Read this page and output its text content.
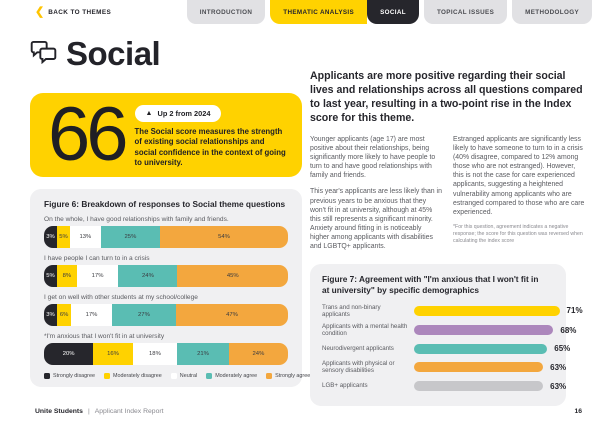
❮ BACK TO THEMES	INTRODUCTION	THEMATIC ANALYSIS	SOCIAL	TOPICAL ISSUES	METHODOLOGY
Social
66	▲ Up 2 from 2024
The Social score measures the strength of existing social relationships and social confidence in the context of going to university.
Figure 6: Breakdown of responses to Social theme questions
On the whole, I have good relationships with family and friends.
3% 5% 13%	25%	54%
I have people I can turn to in a crisis
5% 8%	17%	24%	45%
I get on well with other students at my school/college
3% 6%	17%	27%	47%
*I'm anxious that I won't fit in at university
20%	16%	18%	21%	24%
Strongly disagree	Moderately disagree	Neutral	Moderately agree	Strongly agree

Applicants are more positive regarding their social lives and relationships across all questions compared to last year, resulting in a two-point rise in the Index score for this theme.

Younger applicants (age 17) are most positive about their relationships, being significantly more likely to have people to turn to and have good relationships with family and friends.

This year's applicants are less likely than in previous years to be anxious that they won't fit in at university, although at 45% this still represents a significant minority. Anxiety around fitting in is noticeably higher among applicants with disabilities and LGBTQ+ applicants.

Estranged applicants are significantly less likely to have someone to turn to in a crisis (40% disagree, compared to 12% among those who are not estranged). However, this is not the case for care experienced applicants, suggesting a heightened vulnerability among applicants who are estranged compared to those who are care experienced.

*For this question, agreement indicates a negative response; the score for this question was reversed when calculating the index score

Figure 7: Agreement with "I'm anxious that I won't fit in at university" by specific demographics
Trans and non-binary applicants	71%
Applicants with a mental health condition	68%
Neurodivergent applicants	65%
Applicants with physical or sensory disabilities	63%
LGB+ applicants	63%
Unite Students | Applicant Index Report	16
